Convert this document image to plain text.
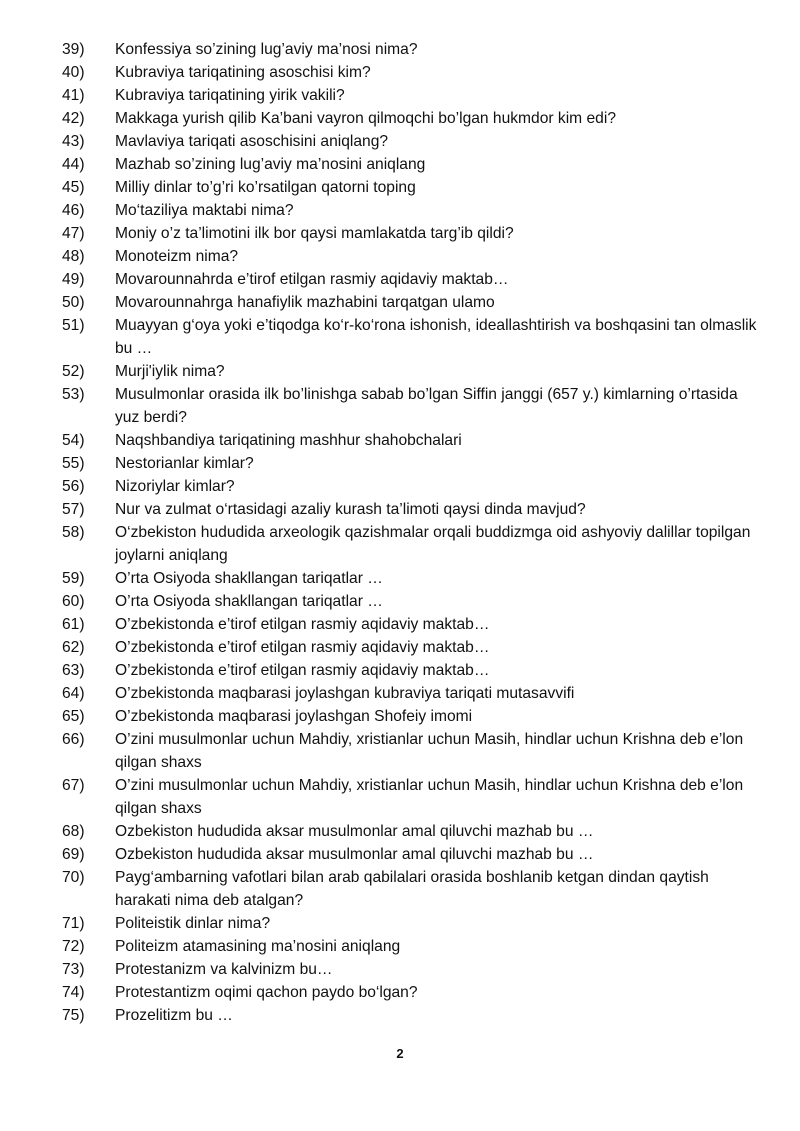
39)	Konfessiya so’zining lug’aviy ma’nosi nima?
40)	Kubraviya tariqatining asoschisi kim?
41)	Kubraviya tariqatining yirik vakili?
42)	Makkaga yurish qilib Ka’bani vayron qilmoqchi bo’lgan hukmdor kim edi?
43)	Mavlaviya tariqati asoschisini aniqlang?
44)	Mazhab so’zining lug’aviy ma’nosini aniqlang
45)	Milliy dinlar to’g’ri ko’rsatilgan qatorni toping
46)	Mo‘taziliya maktabi nima?
47)	Moniy o’z ta’limotini ilk bor qaysi mamlakatda targ’ib qildi?
48)	Monoteizm nima?
49)	Movarounnahrda e’tirof etilgan rasmiy aqidaviy maktab…
50)	Movarounnahrga hanafiylik mazhabini tarqatgan ulamo
51)	Muayyan g‘oya yoki e’tiqodga ko‘r-ko‘rona ishonish, ideallashtirish va boshqasini tan olmaslik bu …
52)	Murji'iylik nima?
53)	Musulmonlar orasida ilk bo’linishga sabab bo’lgan Siffin janggi (657 y.) kimlarning o’rtasida yuz berdi?
54)	Naqshbandiya tariqatining mashhur shahobchalari
55)	Nestorianlar kimlar?
56)	Nizoriylar kimlar?
57)	Nur va zulmat o‘rtasidagi azaliy kurash ta’limoti qaysi dinda mavjud?
58)	O‘zbekiston hududida arxeologik qazishmalar orqali buddizmga oid ashyoviy dalillar topilgan joylarni aniqlang
59)	O’rta Osiyoda shakllangan tariqatlar …
60)	O’rta Osiyoda shakllangan tariqatlar …
61)	O’zbekistonda e’tirof etilgan rasmiy aqidaviy maktab…
62)	O’zbekistonda e’tirof etilgan rasmiy aqidaviy maktab…
63)	O’zbekistonda e’tirof etilgan rasmiy aqidaviy maktab…
64)	O’zbekistonda maqbarasi joylashgan kubraviya tariqati mutasavvifi
65)	O’zbekistonda maqbarasi joylashgan Shofeiy imomi
66)	O’zini musulmonlar uchun Mahdiy, xristianlar uchun Masih, hindlar uchun Krishna deb e’lon qilgan shaxs
67)	O’zini musulmonlar uchun Mahdiy, xristianlar uchun Masih, hindlar uchun Krishna deb e’lon qilgan shaxs
68)	Ozbekiston hududida aksar musulmonlar amal qiluvchi mazhab bu …
69)	Ozbekiston hududida aksar musulmonlar amal qiluvchi mazhab bu …
70)	Payg‘ambarning vafotlari bilan arab qabilalari orasida boshlanib ketgan dindan qaytish harakati nima deb atalgan?
71)	Politeistik dinlar nima?
72)	Politeizm atamasining ma’nosini aniqlang
73)	Protestanizm va kalvinizm bu…
74)	Protestantizm oqimi qachon paydo bo‘lgan?
75)	Prozelitizm bu …
2
